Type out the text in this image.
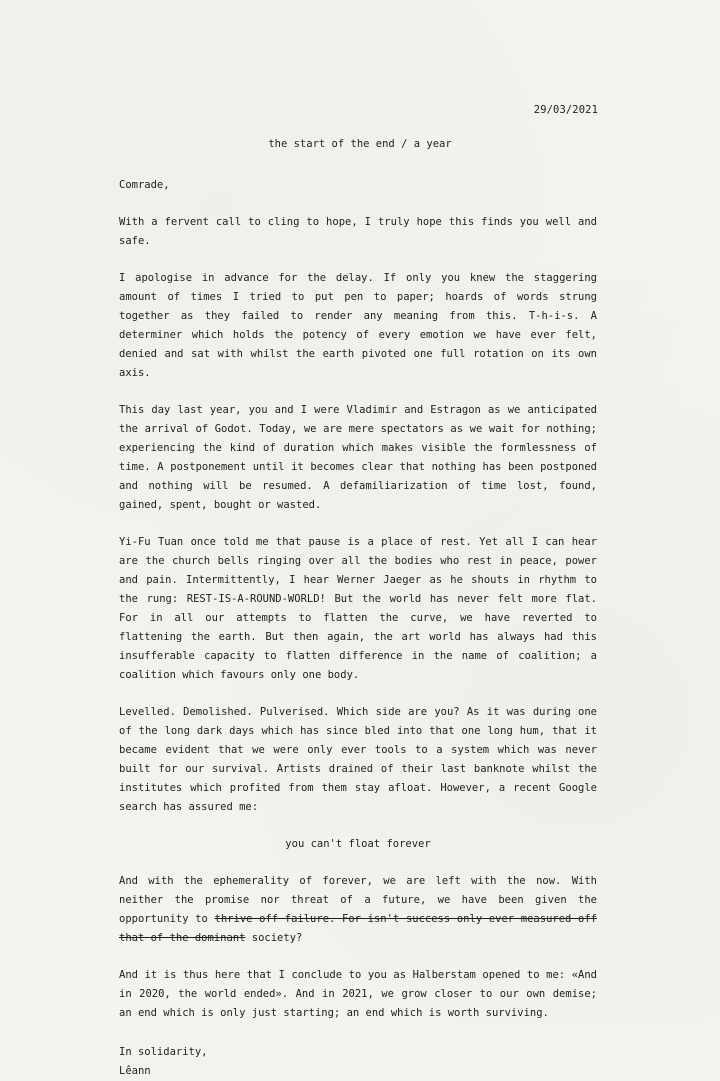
29/03/2021
the start of the end / a year

Comrade,

With a fervent call to cling to hope, I truly hope this finds you well and safe.

I apologise in advance for the delay. If only you knew the staggering amount of times I tried to put pen to paper; hoards of words strung together as they failed to render any meaning from this. T-h-i-s. A determiner which holds the potency of every emotion we have ever felt, denied and sat with whilst the earth pivoted one full rotation on its own axis.

This day last year, you and I were Vladimir and Estragon as we anticipated the arrival of Godot. Today, we are mere spectators as we wait for nothing; experiencing the kind of duration which makes visible the formlessness of time. A postponement until it becomes clear that nothing has been postponed and nothing will be resumed. A defamiliarization of time lost, found, gained, spent, bought or wasted.

Yi-Fu Tuan once told me that pause is a place of rest. Yet all I can hear are the church bells ringing over all the bodies who rest in peace, power and pain. Intermittently, I hear Werner Jaeger as he shouts in rhythm to the rung: REST-IS-A-ROUND-WORLD! But the world has never felt more flat. For in all our attempts to flatten the curve, we have reverted to flattening the earth. But then again, the art world has always had this insufferable capacity to flatten difference in the name of coalition; a coalition which favours only one body.

Levelled. Demolished. Pulverised. Which side are you? As it was during one of the long dark days which has since bled into that one long hum, that it became evident that we were only ever tools to a system which was never built for our survival. Artists drained of their last banknote whilst the institutes which profited from them stay afloat. However, a recent Google search has assured me:

you can't float forever

And with the ephemerality of forever, we are left with the now. With neither the promise nor threat of a future, we have been given the opportunity to thrive off failure. For isn't success only ever measured off that of the dominant society?

And it is thus here that I conclude to you as Halberstam opened to me: «And in 2020, the world ended». And in 2021, we grow closer to our own demise; an end which is only just starting; an end which is worth surviving.

In solidarity,
Lêann
